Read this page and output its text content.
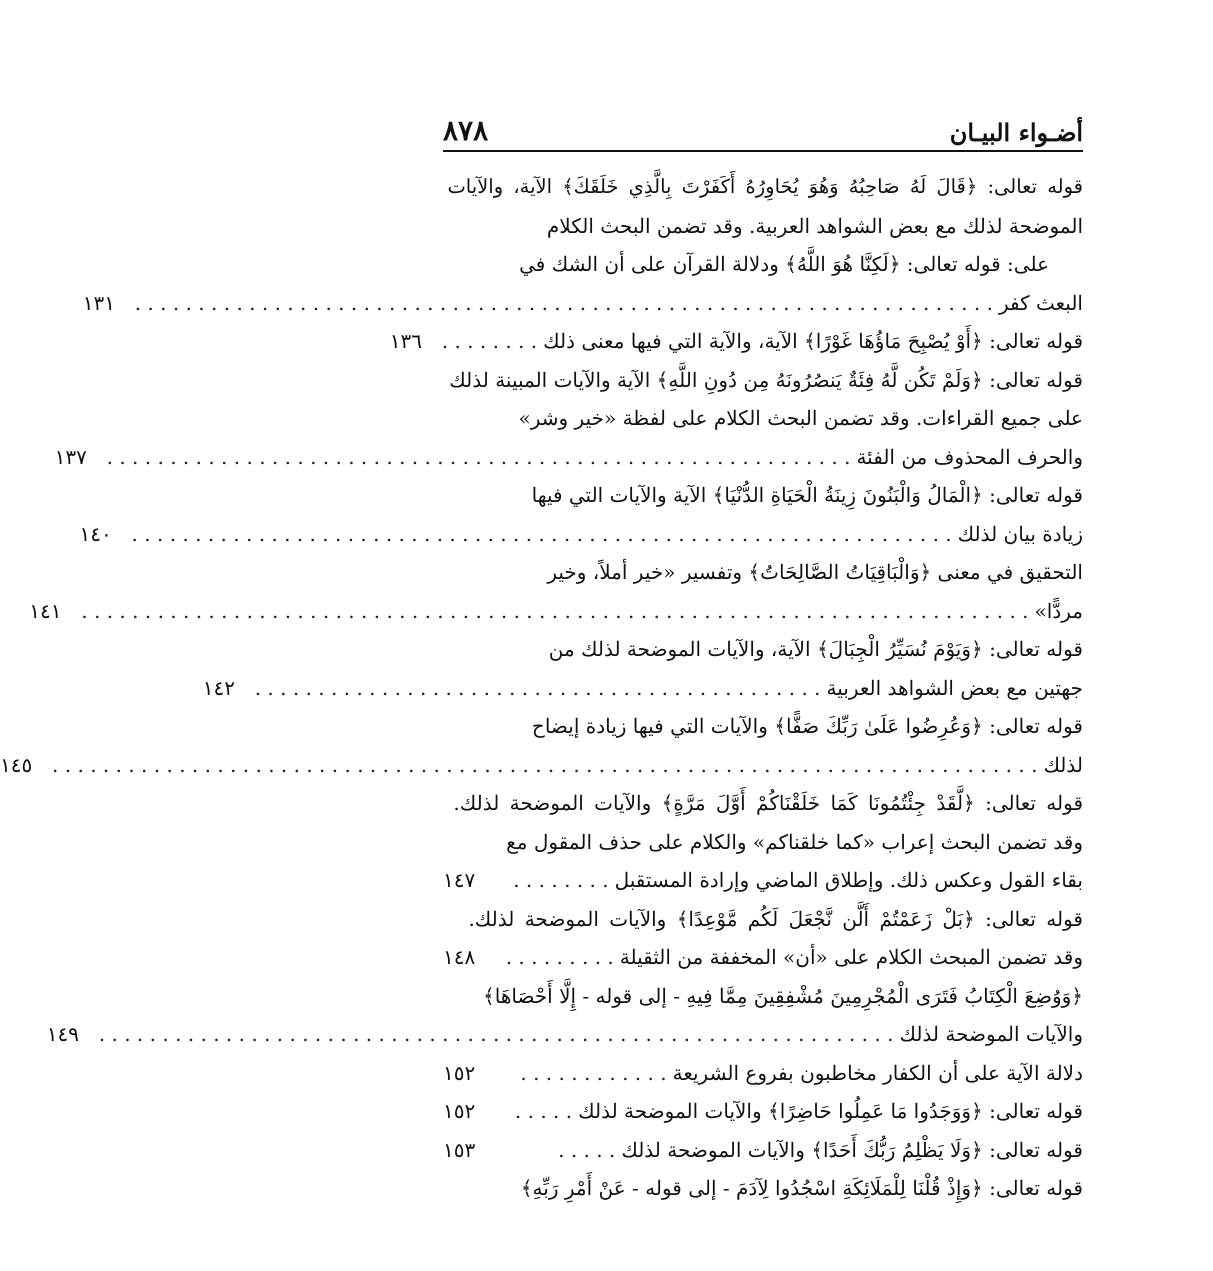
٨٧٨	أضـواء البيـان
قوله تعالى: ﴿قَالَ لَهُ صَاحِبُهُ وَهُوَ يُحَاوِرُهُ أَكَفَرْتَ بِالَّذِي خَلَقَكَ﴾ الآية، والآيات
الموضحة لذلك مع بعض الشواهد العربية. وقد تضمن البحث الكلام
على: قوله تعالى: ﴿لَكِنَّا هُوَ اللَّهُ﴾ ودلالة القرآن على أن الشك في
البعث كفر
. . . . . . . . . . . . . . . . . . . . . . . . . . . . . . . . . . . . . . . . . . . . . . . . . . . . . . . . . . . . . . . . . . . .
١٣١
قوله تعالى: ﴿أَوْ يُصْبِحَ مَاؤُهَا غَوْرًا﴾ الآية، والآية التي فيها معنى ذلك
. . . . . . . .
١٣٦
قوله تعالى: ﴿وَلَمْ تَكُن لَّهُ فِئَةٌ يَنصُرُونَهُ مِن دُونِ اللَّهِ﴾ الآية والآيات المبينة لذلك
على جميع القراءات. وقد تضمن البحث الكلام على لفظة «خير وشر»
والحرف المحذوف من الفئة
. . . . . . . . . . . . . . . . . . . . . . . . . . . . . . . . . . . . . . . . . . . . . . . . . . . . . . . . . . .
١٣٧
قوله تعالى: ﴿الْمَالُ وَالْبَنُونَ زِينَةُ الْحَيَاةِ الدُّنْيَا﴾ الآية والآيات التي فيها
زيادة بيان لذلك
. . . . . . . . . . . . . . . . . . . . . . . . . . . . . . . . . . . . . . . . . . . . . . . . . . . . . . . . . . . . . . . . .
١٤٠
التحقيق في معنى ﴿وَالْبَاقِيَاتُ الصَّالِحَاتُ﴾ وتفسير «خير أملاً، وخير
مردًّا»
. . . . . . . . . . . . . . . . . . . . . . . . . . . . . . . . . . . . . . . . . . . . . . . . . . . . . . . . . . . . . . . . . . . . . . . . . . .
١٤١
قوله تعالى: ﴿وَيَوْمَ نُسَيِّرُ الْجِبَالَ﴾ الآية، والآيات الموضحة لذلك من
جهتين مع بعض الشواهد العربية
. . . . . . . . . . . . . . . . . . . . . . . . . . . . . . . . . . . . . . . . . . . . .
١٤٢
قوله تعالى: ﴿وَعُرِضُوا عَلَىٰ رَبِّكَ صَفًّا﴾ والآيات التي فيها زيادة إيضاح
لذلك
. . . . . . . . . . . . . . . . . . . . . . . . . . . . . . . . . . . . . . . . . . . . . . . . . . . . . . . . . . . . . . . . . . . . . . . . . . . . . .
١٤٥
قوله تعالى: ﴿لَّقَدْ جِئْتُمُونَا كَمَا خَلَقْنَاكُمْ أَوَّلَ مَرَّةٍ﴾ والآيات الموضحة لذلك.
وقد تضمن البحث إعراب «كما خلقناكم» والكلام على حذف المقول مع
بقاء القول وعكس ذلك. وإطلاق الماضي وإرادة المستقبل
. . . . . . . .
١٤٧
قوله تعالى: ﴿بَلْ زَعَمْتُمْ أَلَّن نَّجْعَلَ لَكُم مَّوْعِدًا﴾ والآيات الموضحة لذلك.
وقد تضمن المبحث الكلام على «أن» المخففة من الثقيلة
. . . . . . . . .
١٤٨
﴿وَوُضِعَ الْكِتَابُ فَتَرَى الْمُجْرِمِينَ مُشْفِقِينَ مِمَّا فِيهِ - إلى قوله - إِلَّا أَحْصَاهَا﴾
والآيات الموضحة لذلك
. . . . . . . . . . . . . . . . . . . . . . . . . . . . . . . . . . . . . . . . . . . . . . . . . . . . . . . . . . . . . . .
١٤٩
دلالة الآية على أن الكفار مخاطبون بفروع الشريعة
. . . . . . . . . . . .
١٥٢
قوله تعالى: ﴿وَوَجَدُوا مَا عَمِلُوا حَاضِرًا﴾ والآيات الموضحة لذلك
. . . . .
١٥٢
قوله تعالى: ﴿وَلَا يَظْلِمُ رَبُّكَ أَحَدًا﴾ والآيات الموضحة لذلك
. . . . .
١٥٣
قوله تعالى: ﴿وَإِذْ قُلْنَا لِلْمَلَائِكَةِ اسْجُدُوا لِآدَمَ - إلى قوله - عَنْ أَمْرِ رَبِّهِ﴾
